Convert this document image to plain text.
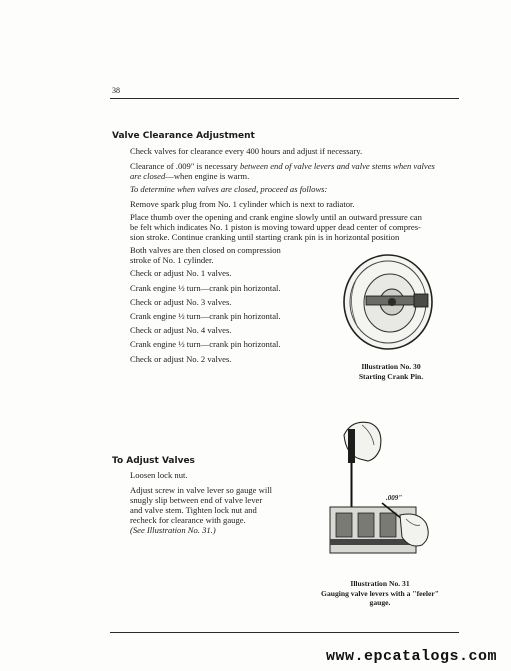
38
Valve Clearance Adjustment
Check valves for clearance every 400 hours and adjust if necessary.
Clearance of .009" is necessary between end of valve levers and valve stems when valves
are closed—when engine is warm.
To determine when valves are closed, proceed as follows:
Remove spark plug from No. 1 cylinder which is next to radiator.
Place thumb over the opening and crank engine slowly until an outward pressure can
be felt which indicates No. 1 piston is moving toward upper dead center of compres-
sion stroke. Continue cranking until starting crank pin is in horizontal position
Both valves are then closed on compression
stroke of No. 1 cylinder.
Check or adjust No. 1 valves.
Crank engine ½ turn—crank pin horizontal.
Check or adjust No. 3 valves.
Crank engine ½ turn—crank pin horizontal.
Check or adjust No. 4 valves.
Crank engine ½ turn—crank pin horizontal.
Check or adjust No. 2 valves.
Illustration No. 30
Starting Crank Pin.
To Adjust Valves
Loosen lock nut.
Adjust screw in valve lever so gauge will
snugly slip between end of valve lever
and valve stem. Tighten lock nut and
recheck for clearance with gauge.
(See Illustration No. 31.)
.009"
Illustration No. 31
Gauging valve levers with a "feeler"
gauge.
www.epcatalogs.com
